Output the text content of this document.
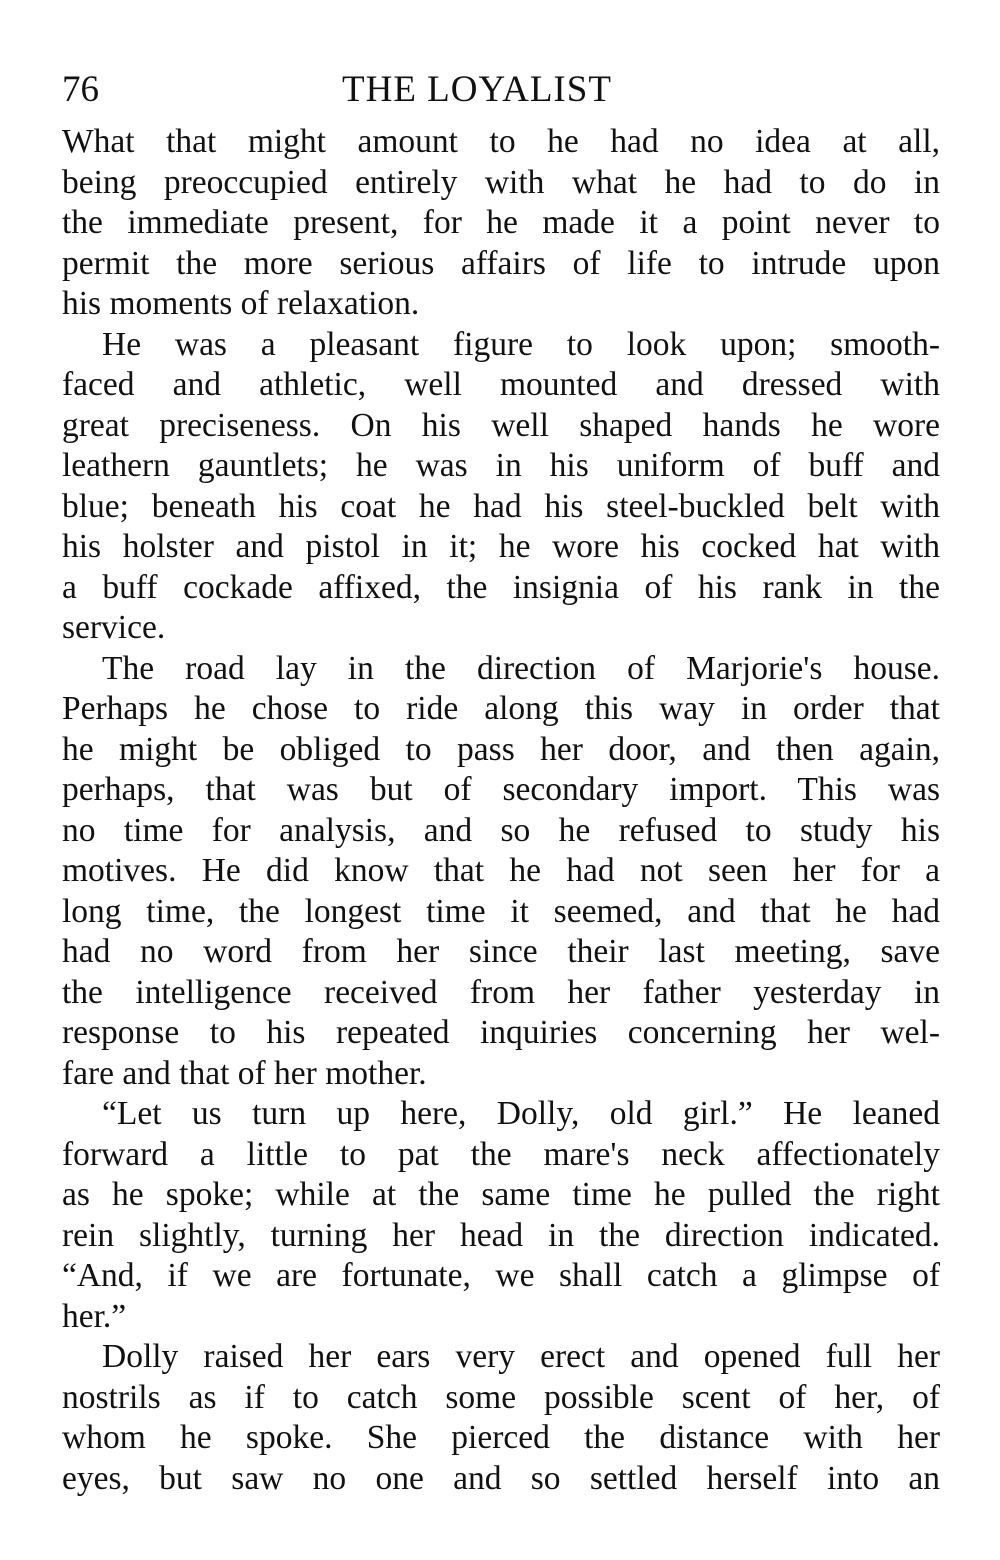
76	THE LOYALIST

What that might amount to he had no idea at all,
being preoccupied entirely with what he had to do in
the immediate present, for he made it a point never to
permit the more serious affairs of life to intrude upon
his moments of relaxation.

He was a pleasant figure to look upon; smooth-
faced and athletic, well mounted and dressed with
great preciseness. On his well shaped hands he wore
leathern gauntlets; he was in his uniform of buff and
blue; beneath his coat he had his steel-buckled belt with
his holster and pistol in it; he wore his cocked hat with
a buff cockade affixed, the insignia of his rank in the
service.

The road lay in the direction of Marjorie's house.
Perhaps he chose to ride along this way in order that
he might be obliged to pass her door, and then again,
perhaps, that was but of secondary import. This was
no time for analysis, and so he refused to study his
motives. He did know that he had not seen her for a
long time, the longest time it seemed, and that he had
had no word from her since their last meeting, save
the intelligence received from her father yesterday in
response to his repeated inquiries concerning her wel-
fare and that of her mother.

“Let us turn up here, Dolly, old girl.” He leaned
forward a little to pat the mare's neck affectionately
as he spoke; while at the same time he pulled the right
rein slightly, turning her head in the direction indicated.
“And, if we are fortunate, we shall catch a glimpse of
her.”

Dolly raised her ears very erect and opened full her
nostrils as if to catch some possible scent of her, of
whom he spoke. She pierced the distance with her
eyes, but saw no one and so settled herself into an
